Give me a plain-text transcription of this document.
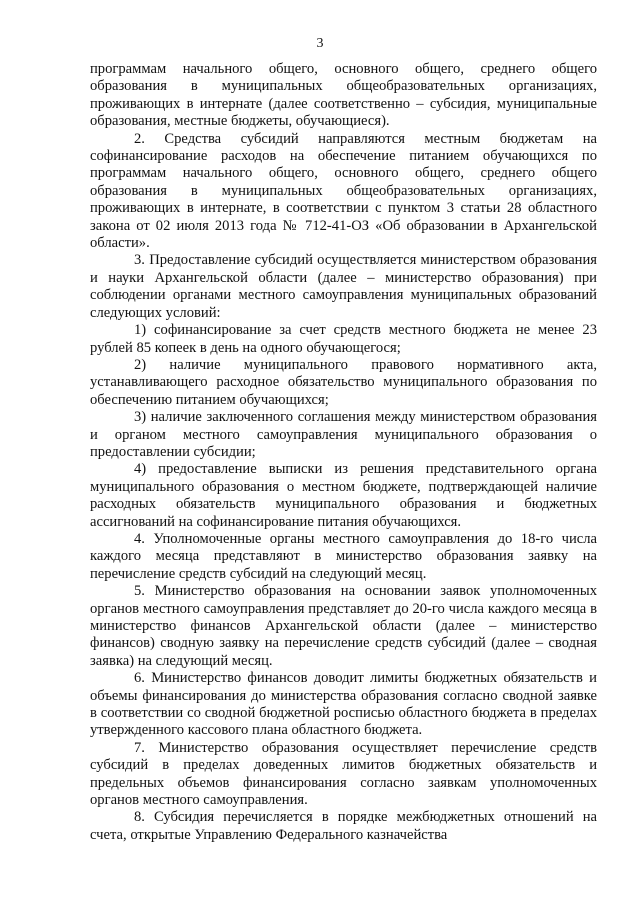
3

программам начального общего, основного общего, среднего общего образования в муниципальных общеобразовательных организациях, проживающих в интернате (далее соответственно – субсидия, муниципальные образования, местные бюджеты, обучающиеся).

2. Средства субсидий направляются местным бюджетам на софинансирование расходов на обеспечение питанием обучающихся по программам начального общего, основного общего, среднего общего образования в муниципальных общеобразовательных организациях, проживающих в интернате, в соответствии с пунктом 3 статьи 28 областного закона от 02 июля 2013 года № 712-41-ОЗ «Об образовании в Архангельской области».

3. Предоставление субсидий осуществляется министерством образования и науки Архангельской области (далее – министерство образования) при соблюдении органами местного самоуправления муниципальных образований следующих условий:

1) софинансирование за счет средств местного бюджета не менее 23 рублей 85 копеек в день на одного обучающегося;

2) наличие муниципального правового нормативного акта, устанавливающего расходное обязательство муниципального образования по обеспечению питанием обучающихся;

3) наличие заключенного соглашения между министерством образования и органом местного самоуправления муниципального образования о предоставлении субсидии;

4) предоставление выписки из решения представительного органа муниципального образования о местном бюджете, подтверждающей наличие расходных обязательств муниципального образования и бюджетных ассигнований на софинансирование питания обучающихся.

4. Уполномоченные органы местного самоуправления до 18-го числа каждого месяца представляют в министерство образования заявку на перечисление средств субсидий на следующий месяц.

5. Министерство образования на основании заявок уполномоченных органов местного самоуправления представляет до 20-го числа каждого месяца в министерство финансов Архангельской области (далее – министерство финансов) сводную заявку на перечисление средств субсидий (далее – сводная заявка) на следующий месяц.

6. Министерство финансов доводит лимиты бюджетных обязательств и объемы финансирования до министерства образования согласно сводной заявке в соответствии со сводной бюджетной росписью областного бюджета в пределах утвержденного кассового плана областного бюджета.

7. Министерство образования осуществляет перечисление средств субсидий в пределах доведенных лимитов бюджетных обязательств и предельных объемов финансирования согласно заявкам уполномоченных органов местного самоуправления.

8. Субсидия перечисляется в порядке межбюджетных отношений на счета, открытые Управлению Федерального казначейства
